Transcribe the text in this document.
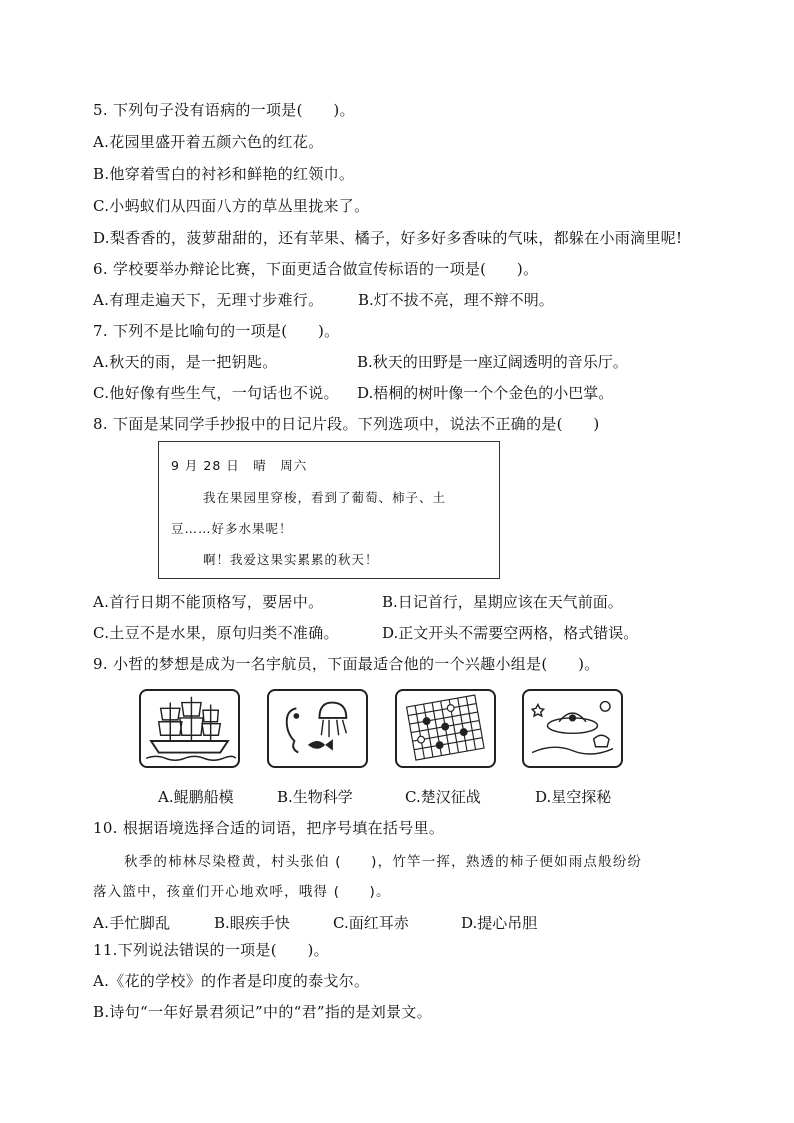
5. 下列句子没有语病的一项是(　　)。
A.花园里盛开着五颜六色的红花。
B.他穿着雪白的衬衫和鲜艳的红领巾。
C.小蚂蚁们从四面八方的草丛里拢来了。
D.梨香香的，菠萝甜甜的，还有苹果、橘子，好多好多香味的气味，都躲在小雨滴里呢!
6. 学校要举办辩论比赛，下面更适合做宣传标语的一项是(　　)。
A.有理走遍天下，无理寸步难行。 B.灯不拔不亮，理不辩不明。
7. 下列不是比喻句的一项是(　　)。
A.秋天的雨，是一把钥匙。	B.秋天的田野是一座辽阔透明的音乐厅。
C.他好像有些生气，一句话也不说。 D.梧桐的树叶像一个个金色的小巴掌。
8. 下面是某同学手抄报中的日记片段。下列选项中，说法不正确的是(　　)
9 月 28 日　晴　周六
我在果园里穿梭，看到了葡萄、柿子、土
豆……好多水果呢！
啊！我爱这果实累累的秋天！
A.首行日期不能顶格写，要居中。	B.日记首行，星期应该在天气前面。
C.土豆不是水果，原句归类不准确。	D.正文开头不需要空两格，格式错误。
9. 小哲的梦想是成为一名宇航员，下面最适合他的一个兴趣小组是(　　)。
A.鲲鹏船模	B.生物科学	C.楚汉征战	D.星空探秘
10. 根据语境选择合适的词语，把序号填在括号里。
秋季的柿林尽染橙黄，村头张伯 (　　)，竹竿一挥，熟透的柿子便如雨点般纷纷
落入篮中，孩童们开心地欢呼，哦得 (　　)。
A.手忙脚乱	B.眼疾手快	C.面红耳赤	D.提心吊胆
11.下列说法错误的一项是(　　)。
A.《花的学校》的作者是印度的泰戈尔。
B.诗句“一年好景君须记”中的“君”指的是刘景文。
